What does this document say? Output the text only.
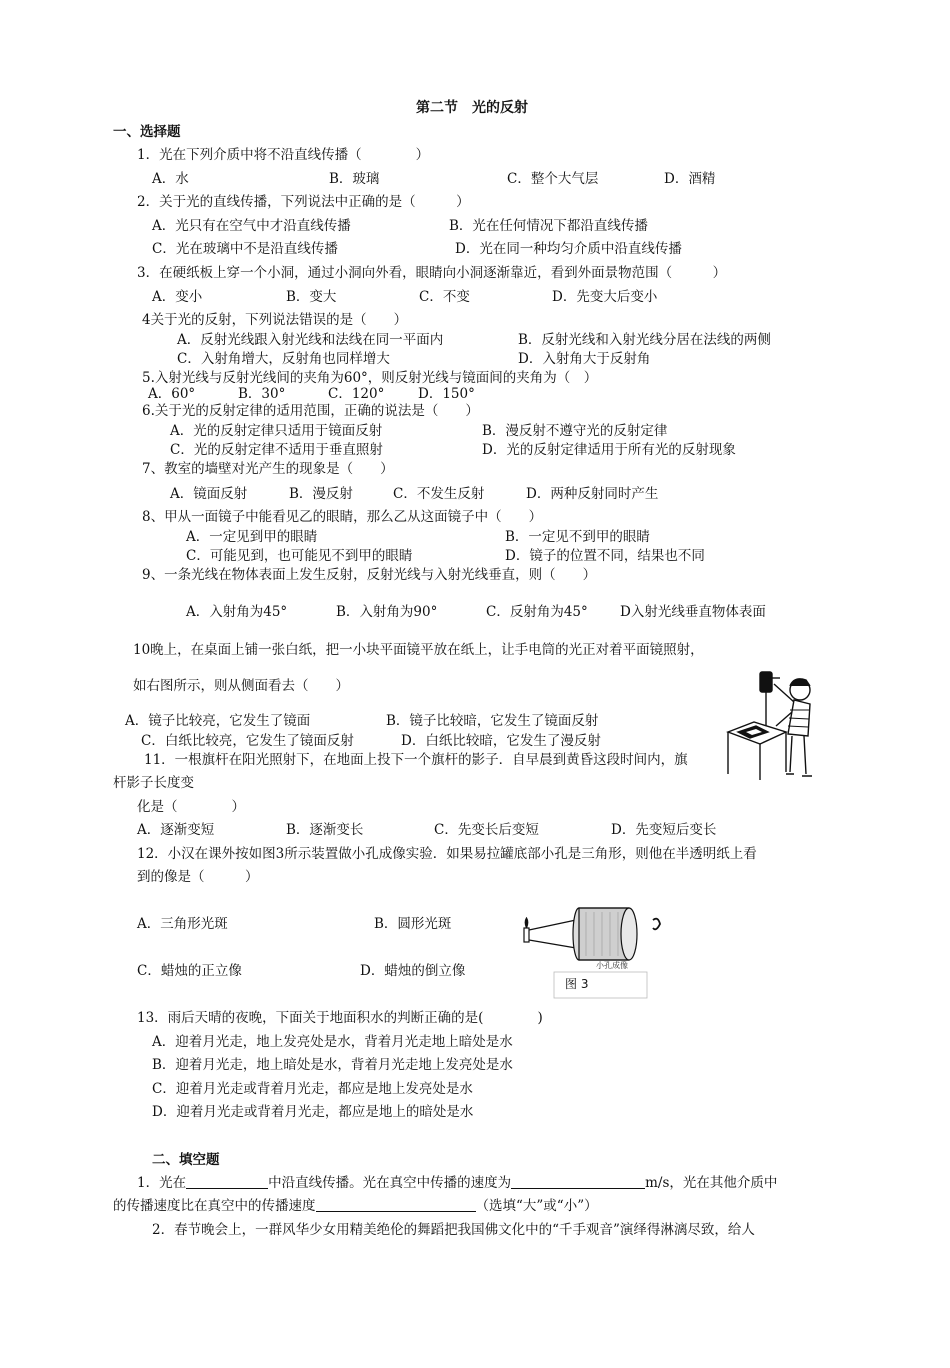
第二节　光的反射
一、选择题
1．光在下列介质中将不沿直线传播（　　　　）
A．水	B．玻璃	C．整个大气层	D．酒精
2．关于光的直线传播，下列说法中正确的是（　　　）
A．光只有在空气中才沿直线传播	B．光在任何情况下都沿直线传播
C．光在玻璃中不是沿直线传播	D．光在同一种均匀介质中沿直线传播
3．在硬纸板上穿一个小洞，通过小洞向外看，眼睛向小洞逐渐靠近，看到外面景物范围（　　　）
A．变小	B．变大	C．不变	D．先变大后变小
4关于光的反射，下列说法错误的是（　　）
A．反射光线跟入射光线和法线在同一平面内	B．反射光线和入射光线分居在法线的两侧
C．入射角增大，反射角也同样增大	D．入射角大于反射角
5.入射光线与反射光线间的夹角为60°，则反射光线与镜面间的夹角为（　）
A．60°	B．30°	C．120° D．150°
6.关于光的反射定律的适用范围，正确的说法是（　　）
A．光的反射定律只适用于镜面反射	B．漫反射不遵守光的反射定律
C．光的反射定律不适用于垂直照射	D．光的反射定律适用于所有光的反射现象
7、教室的墙壁对光产生的现象是（　　）
A．镜面反射	B．漫反射	C．不发生反射	D．两种反射同时产生
8、甲从一面镜子中能看见乙的眼睛，那么乙从这面镜子中（　　）
A．一定见到甲的眼睛	B．一定见不到甲的眼睛
C．可能见到，也可能见不到甲的眼睛	D．镜子的位置不同，结果也不同
9、一条光线在物体表面上发生反射，反射光线与入射光线垂直，则（　　）
A．入射角为45°	B．入射角为90°	C．反射角为45° D入射光线垂直物体表面
10晚上，在桌面上铺一张白纸，把一小块平面镜平放在纸上，让手电筒的光正对着平面镜照射，
如右图所示，则从侧面看去（　　）
A．镜子比较亮，它发生了镜面	B．镜子比较暗，它发生了镜面反射
C．白纸比较亮，它发生了镜面反射	D．白纸比较暗，它发生了漫反射
11．一根旗杆在阳光照射下，在地面上投下一个旗杆的影子．自早晨到黄昏这段时间内，旗
杆影子长度变
化是（　　　　）
A．逐渐变短	B．逐渐变长	C．先变长后变短	D．先变短后变长
12．小汉在课外按如图3所示装置做小孔成像实验．如果易拉罐底部小孔是三角形，则他在半透明纸上看
到的像是（　　　）
A．三角形光斑	B．圆形光斑
C．蜡烛的正立像	D．蜡烛的倒立像	小孔成像
图 3
13．雨后天晴的夜晚，下面关于地面积水的判断正确的是(　　　　)
A．迎着月光走，地上发亮处是水，背着月光走地上暗处是水
B．迎着月光走，地上暗处是水，背着月光走地上发亮处是水
C．迎着月光走或背着月光走，都应是地上发亮处是水
D．迎着月光走或背着月光走，都应是地上的暗处是水
二、填空题
1．光在	中沿直线传播。光在真空中传播的速度为	m/s，光在其他介质中
的传播速度比在真空中的传播速度	（选填“大”或“小”）
2．春节晚会上，一群风华少女用精美绝伦的舞蹈把我国佛文化中的“千手观音”演绎得淋漓尽致，给人
